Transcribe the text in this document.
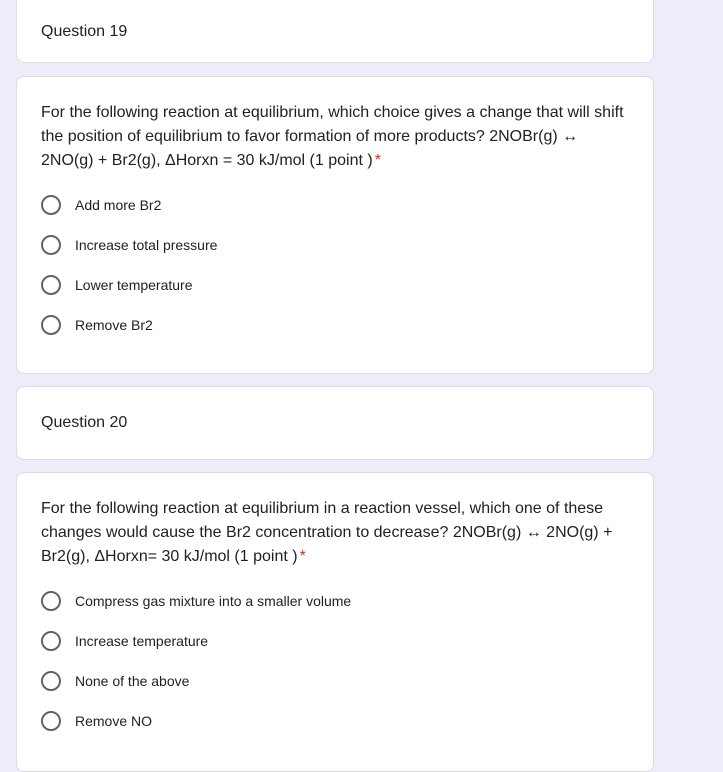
Question 19

For the following reaction at equilibrium, which choice gives a change that will shift the position of equilibrium to favor formation of more products? 2NOBr(g) ↔ 2NO(g) + Br2(g), ΔHorxn = 30 kJ/mol (1 point ) *

Add more Br2
Increase total pressure
Lower temperature
Remove Br2
Question 20

For the following reaction at equilibrium in a reaction vessel, which one of these changes would cause the Br2 concentration to decrease? 2NOBr(g) ↔ 2NO(g) + Br2(g), ΔHorxn= 30 kJ/mol (1 point ) *

Compress gas mixture into a smaller volume
Increase temperature
None of the above
Remove NO
